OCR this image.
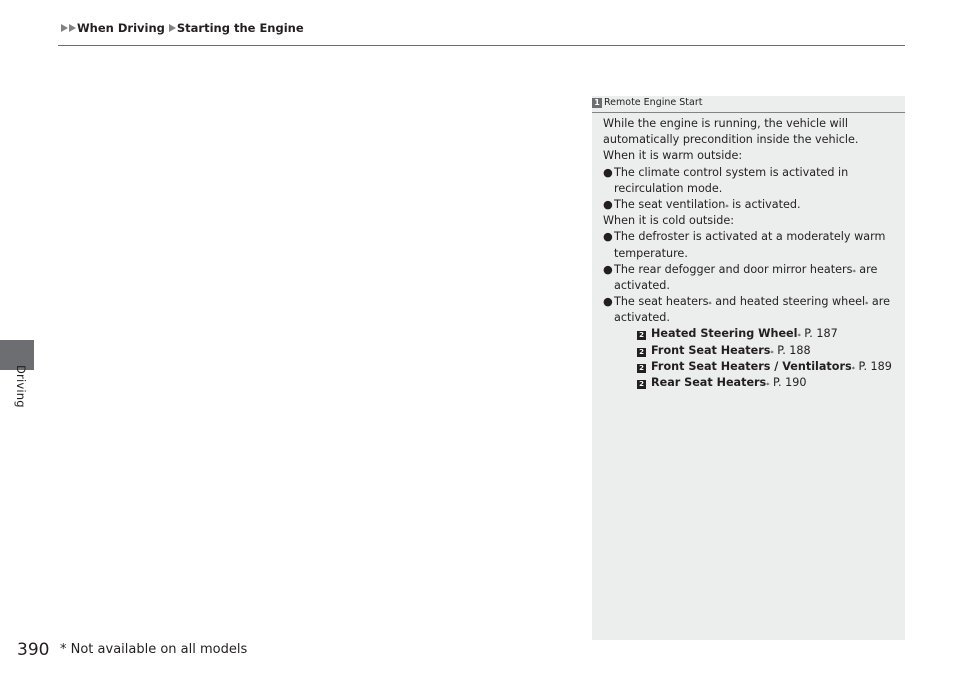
When Driving Starting the Engine
Driving
1 Remote Engine Start
While the engine is running, the vehicle will
automatically precondition inside the vehicle.
When it is warm outside:
● The climate control system is activated in
recirculation mode.
● The seat ventilation* is activated.
When it is cold outside:
● The defroster is activated at a moderately warm
temperature.
● The rear defogger and door mirror heaters* are
activated.
● The seat heaters* and heated steering wheel* are
activated.
2 Heated Steering Wheel* P. 187
2 Front Seat Heaters* P. 188
2 Front Seat Heaters / Ventilators* P. 189
2 Rear Seat Heaters* P. 190
390 * Not available on all models
